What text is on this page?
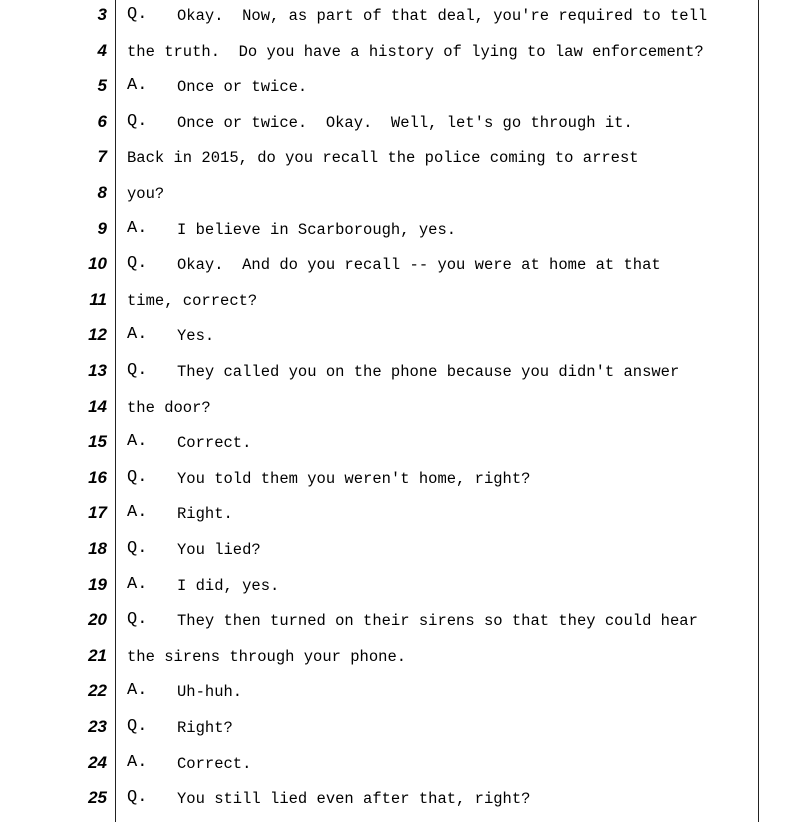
3 Q. Okay.  Now, as part of that deal, you're required to tell
4 the truth.  Do you have a history of lying to law enforcement?
5 A. Once or twice.
6 Q. Once or twice.  Okay.  Well, let's go through it.
7 Back in 2015, do you recall the police coming to arrest
8 you?
9 A. I believe in Scarborough, yes.
10 Q. Okay.  And do you recall -- you were at home at that
11 time, correct?
12 A. Yes.
13 Q. They called you on the phone because you didn't answer
14 the door?
15 A. Correct.
16 Q. You told them you weren't home, right?
17 A. Right.
18 Q. You lied?
19 A. I did, yes.
20 Q. They then turned on their sirens so that they could hear
21 the sirens through your phone.
22 A. Uh-huh.
23 Q. Right?
24 A. Correct.
25 Q. You still lied even after that, right?
